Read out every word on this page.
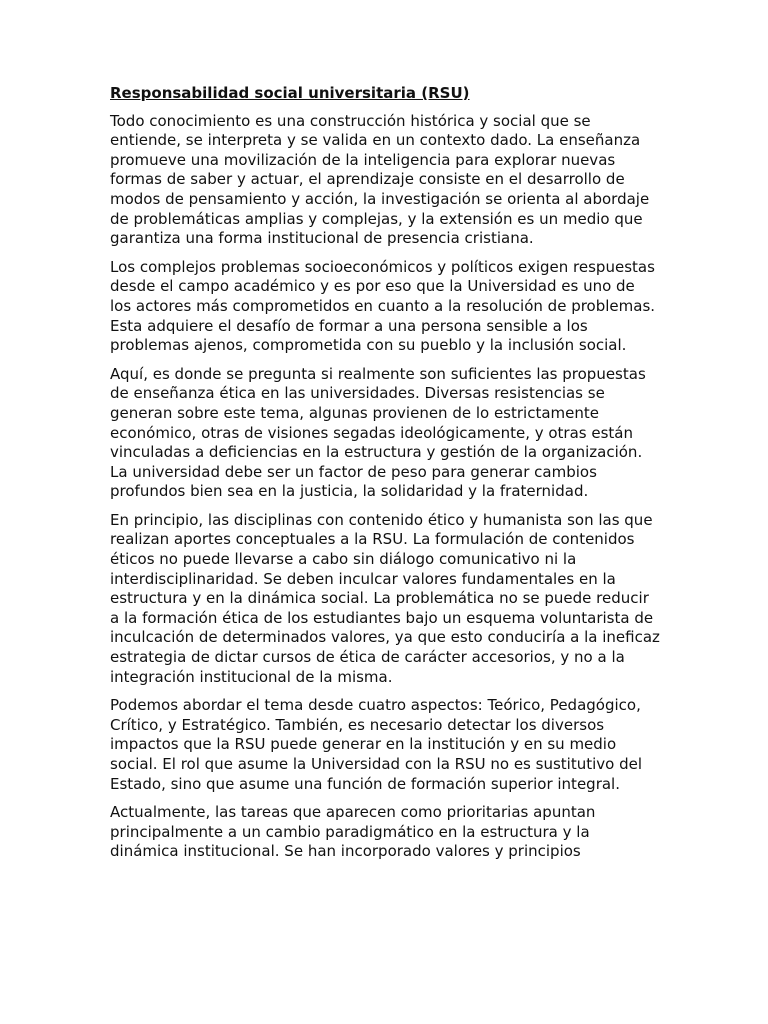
Responsabilidad social universitaria (RSU)

Todo conocimiento es una construcción histórica y social que se entiende, se interpreta y se valida en un contexto dado. La enseñanza promueve una movilización de la inteligencia para explorar nuevas formas de saber y actuar, el aprendizaje consiste en el desarrollo de modos de pensamiento y acción, la investigación se orienta al abordaje de problemáticas amplias y complejas, y la extensión es un medio que garantiza una forma institucional de presencia cristiana.

Los complejos problemas socioeconómicos y políticos exigen respuestas desde el campo académico y es por eso que la Universidad es uno de los actores más comprometidos en cuanto a la resolución de problemas. Esta adquiere el desafío de formar a una persona sensible a los problemas ajenos, comprometida con su pueblo y la inclusión social.

Aquí, es donde se pregunta si realmente son suficientes las propuestas de enseñanza ética en las universidades. Diversas resistencias se generan sobre este tema, algunas provienen de lo estrictamente económico, otras de visiones segadas ideológicamente, y otras están vinculadas a deficiencias en la estructura y gestión de la organización. La universidad debe ser un factor de peso para generar cambios profundos bien sea en la justicia, la solidaridad y la fraternidad.

En principio, las disciplinas con contenido ético y humanista son las que realizan aportes conceptuales a la RSU. La formulación de contenidos éticos no puede llevarse a cabo sin diálogo comunicativo ni la interdisciplinaridad. Se deben inculcar valores fundamentales en la estructura y en la dinámica social. La problemática no se puede reducir a la formación ética de los estudiantes bajo un esquema voluntarista de inculcación de determinados valores, ya que esto conduciría a la ineficaz estrategia de dictar cursos de ética de carácter accesorios, y no a la integración institucional de la misma.

Podemos abordar el tema desde cuatro aspectos: Teórico, Pedagógico, Crítico, y Estratégico. También, es necesario detectar los diversos impactos que la RSU puede generar en la institución y en su medio social. El rol que asume la Universidad con la RSU no es sustitutivo del Estado, sino que asume una función de formación superior integral.

Actualmente, las tareas que aparecen como prioritarias apuntan principalmente a un cambio paradigmático en la estructura y la dinámica institucional. Se han incorporado valores y principios
